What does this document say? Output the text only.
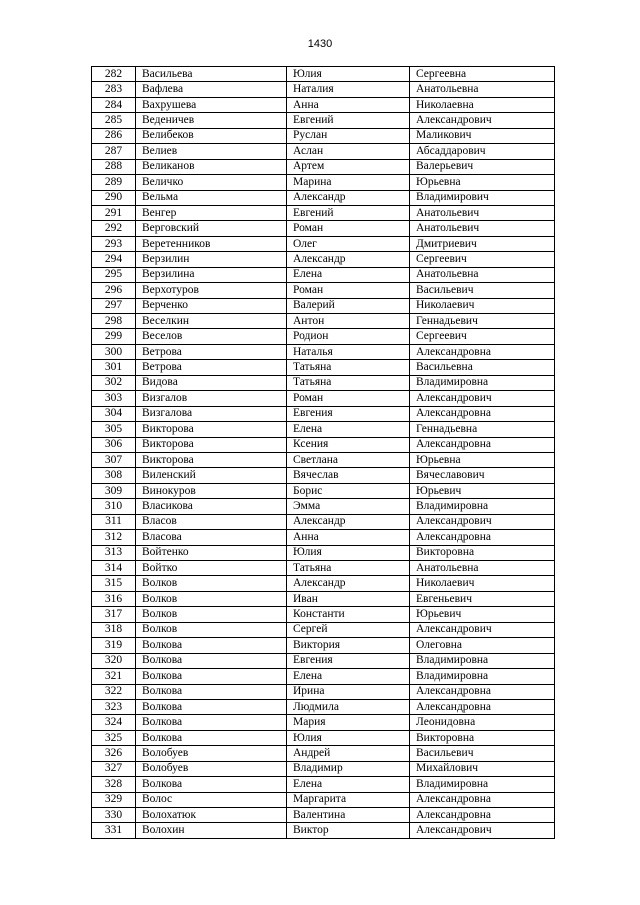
1430
282	Васильева	Юлия	Сергеевна
283	Вафлева	Наталия	Анатольевна
284	Вахрушева	Анна	Николаевна
285	Веденичев	Евгений	Александрович
286	Велибеков	Руслан	Маликович
287	Велиев	Аслан	Абсаддарович
288	Великанов	Артем	Валерьевич
289	Величко	Марина	Юрьевна
290	Вельма	Александр	Владимирович
291	Венгер	Евгений	Анатольевич
292	Верговский	Роман	Анатольевич
293	Веретенников	Олег	Дмитриевич
294	Верзилин	Александр	Сергеевич
295	Верзилина	Елена	Анатольевна
296	Верхотуров	Роман	Васильевич
297	Верченко	Валерий	Николаевич
298	Веселкин	Антон	Геннадьевич
299	Веселов	Родион	Сергеевич
300	Ветрова	Наталья	Александровна
301	Ветрова	Татьяна	Васильевна
302	Видова	Татьяна	Владимировна
303	Визгалов	Роман	Александрович
304	Визгалова	Евгения	Александровна
305	Викторова	Елена	Геннадьевна
306	Викторова	Ксения	Александровна
307	Викторова	Светлана	Юрьевна
308	Виленский	Вячеслав	Вячеславович
309	Винокуров	Борис	Юрьевич
310	Власикова	Эмма	Владимировна
311	Власов	Александр	Александрович
312	Власова	Анна	Александровна
313	Войтенко	Юлия	Викторовна
314	Войтко	Татьяна	Анатольевна
315	Волков	Александр	Николаевич
316	Волков	Иван	Евгеньевич
317	Волков	Константи	Юрьевич
318	Волков	Сергей	Александрович
319	Волкова	Виктория	Олеговна
320	Волкова	Евгения	Владимировна
321	Волкова	Елена	Владимировна
322	Волкова	Ирина	Александровна
323	Волкова	Людмила	Александровна
324	Волкова	Мария	Леонидовна
325	Волкова	Юлия	Викторовна
326	Волобуев	Андрей	Васильевич
327	Волобуев	Владимир	Михайлович
328	Волкова	Елена	Владимировна
329	Волос	Маргарита	Александровна
330	Волохатюк	Валентина	Александровна
331	Волохин	Виктор	Александрович
